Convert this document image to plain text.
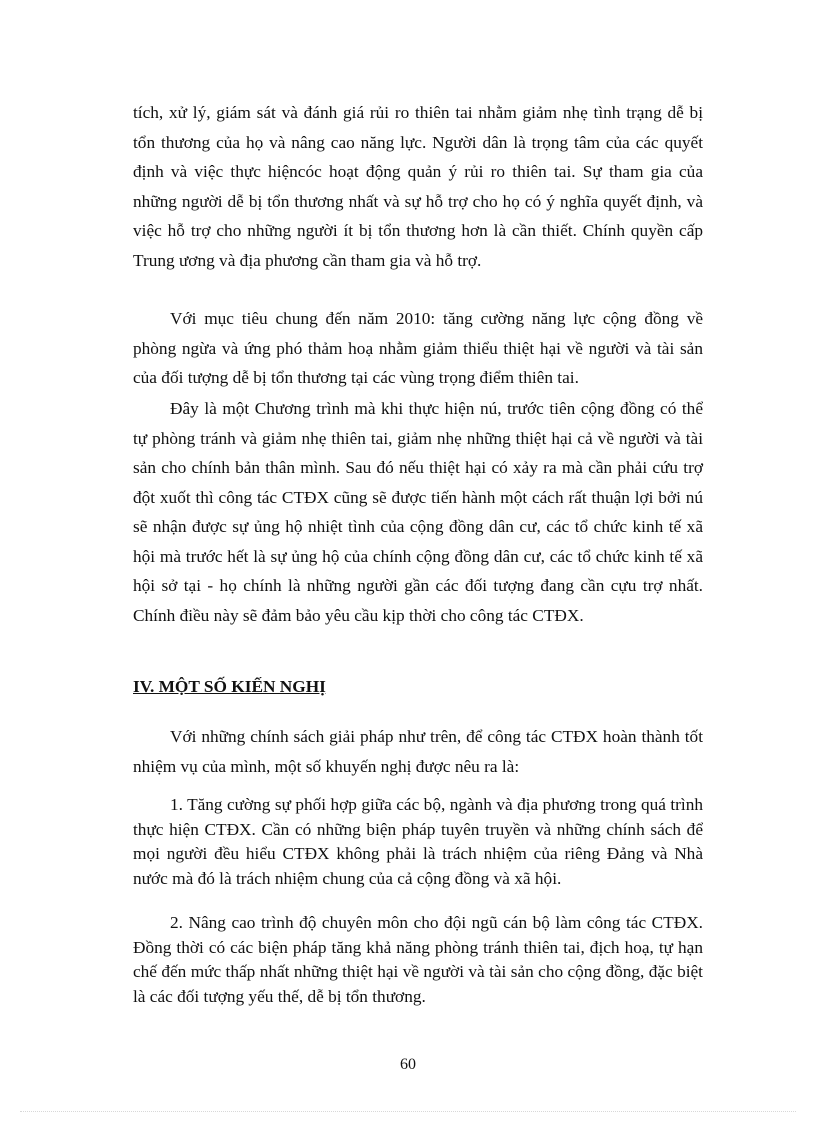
tích, xử lý, giám sát và đánh giá rủi ro thiên tai nhằm giảm nhẹ tình trạng dễ bị tổn thương của họ và nâng cao năng lực. Người dân là trọng tâm của các quyết định và việc thực hiệncóc hoạt động quản ý rủi ro thiên tai. Sự tham gia của những người dễ bị tổn thương nhất và sự hỗ trợ cho họ có ý nghĩa quyết định, và việc hỗ trợ cho những người ít bị tổn thương hơn là cần thiết. Chính quyền cấp Trung ương và địa phương cần tham gia và hỗ trợ.

Với mục tiêu chung đến năm 2010: tăng cường năng lực cộng đồng về phòng ngừa và ứng phó thảm hoạ nhằm giảm thiểu thiệt hại về người và tài sản của đối tượng dễ bị tổn thương tại các vùng trọng điểm thiên tai.

Đây là một Chương trình mà khi thực hiện nú, trước tiên cộng đồng có thể tự phòng tránh và giảm nhẹ thiên tai, giảm nhẹ những thiệt hại cả về người và tài sản cho chính bản thân mình. Sau đó nếu thiệt hại có xảy ra mà cần phải cứu trợ đột xuốt thì công tác CTĐX cũng sẽ được tiến hành một cách rất thuận lợi bởi nú sẽ nhận được sự ủng hộ nhiệt tình của cộng đồng dân cư, các tổ chức kinh tế xã hội mà trước hết là sự ủng hộ của chính cộng đồng dân cư, các tổ chức kinh tế xã hội sở tại - họ chính là những người gần các đối tượng đang cần cựu trợ nhất. Chính điều này sẽ đảm bảo yêu cầu kịp thời cho công tác CTĐX.

IV. MỘT SỐ KIẾN NGHỊ

Với những chính sách giải pháp như trên, để công tác CTĐX hoàn thành tốt nhiệm vụ của mình, một số khuyến nghị được nêu ra là:

1. Tăng cường sự phối hợp giữa các bộ, ngành và địa phương trong quá trình thực hiện CTĐX. Cần có những biện pháp tuyên truyền và những chính sách để mọi người đều hiểu CTĐX không phải là trách nhiệm của riêng Đảng và Nhà nước mà đó là trách nhiệm chung của cả cộng đồng và xã hội.

2. Nâng cao trình độ chuyên môn cho đội ngũ cán bộ làm công tác CTĐX. Đồng thời có các biện pháp tăng khả năng phòng tránh thiên tai, địch hoạ, tự hạn chế đến mức thấp nhất những thiệt hại về người và tài sản cho cộng đồng, đặc biệt là các đối tượng yếu thế, dễ bị tổn thương.

60
